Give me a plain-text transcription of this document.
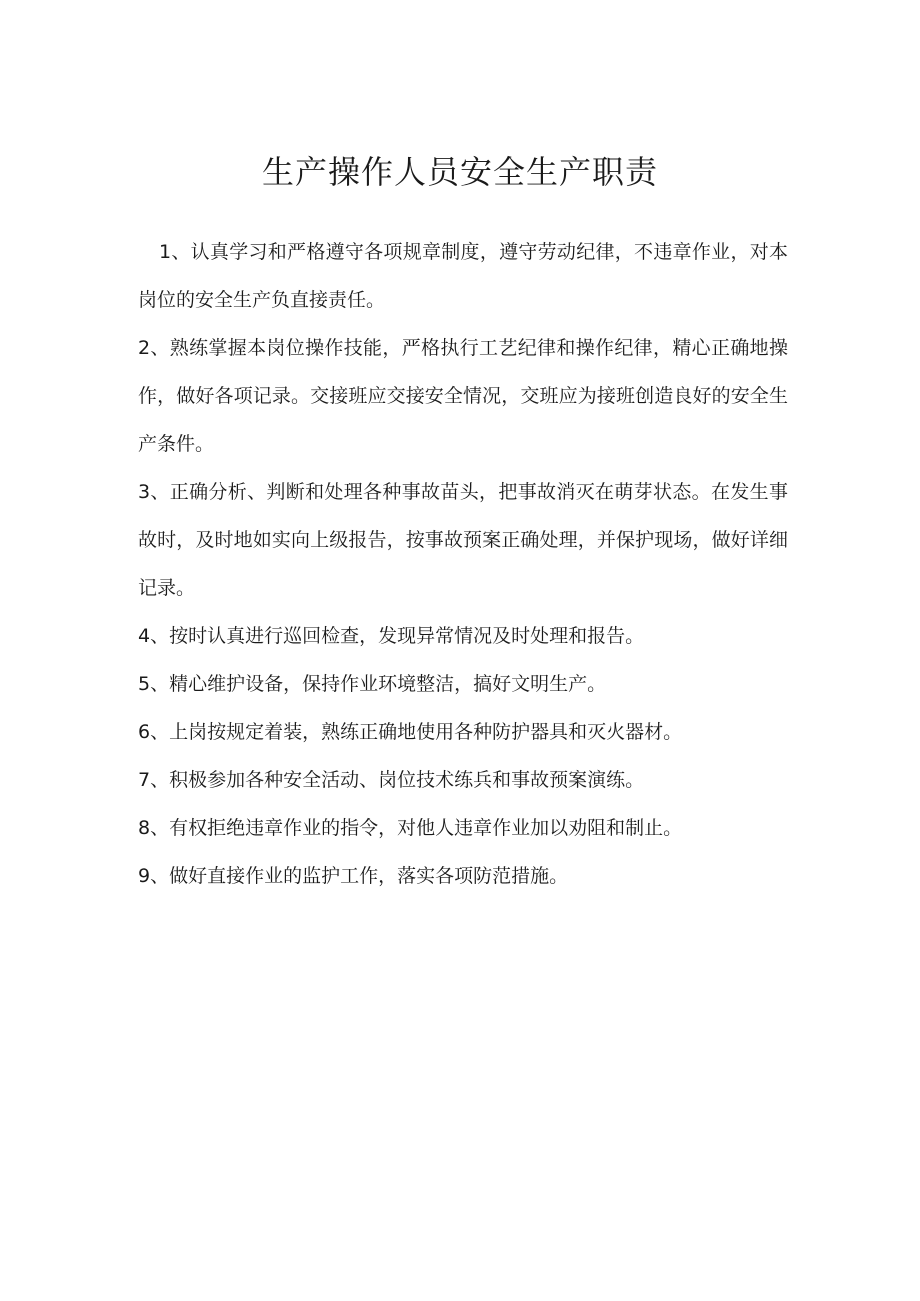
生产操作人员安全生产职责

1、认真学习和严格遵守各项规章制度，遵守劳动纪律，不违章作业，对本岗位的安全生产负直接责任。

2、熟练掌握本岗位操作技能，严格执行工艺纪律和操作纪律，精心正确地操作，做好各项记录。交接班应交接安全情况，交班应为接班创造良好的安全生产条件。

3、正确分析、判断和处理各种事故苗头，把事故消灭在萌芽状态。在发生事故时，及时地如实向上级报告，按事故预案正确处理，并保护现场，做好详细记录。

4、按时认真进行巡回检查，发现异常情况及时处理和报告。

5、精心维护设备，保持作业环境整洁，搞好文明生产。

6、上岗按规定着装，熟练正确地使用各种防护器具和灭火器材。

7、积极参加各种安全活动、岗位技术练兵和事故预案演练。

8、有权拒绝违章作业的指令，对他人违章作业加以劝阻和制止。

9、做好直接作业的监护工作，落实各项防范措施。
